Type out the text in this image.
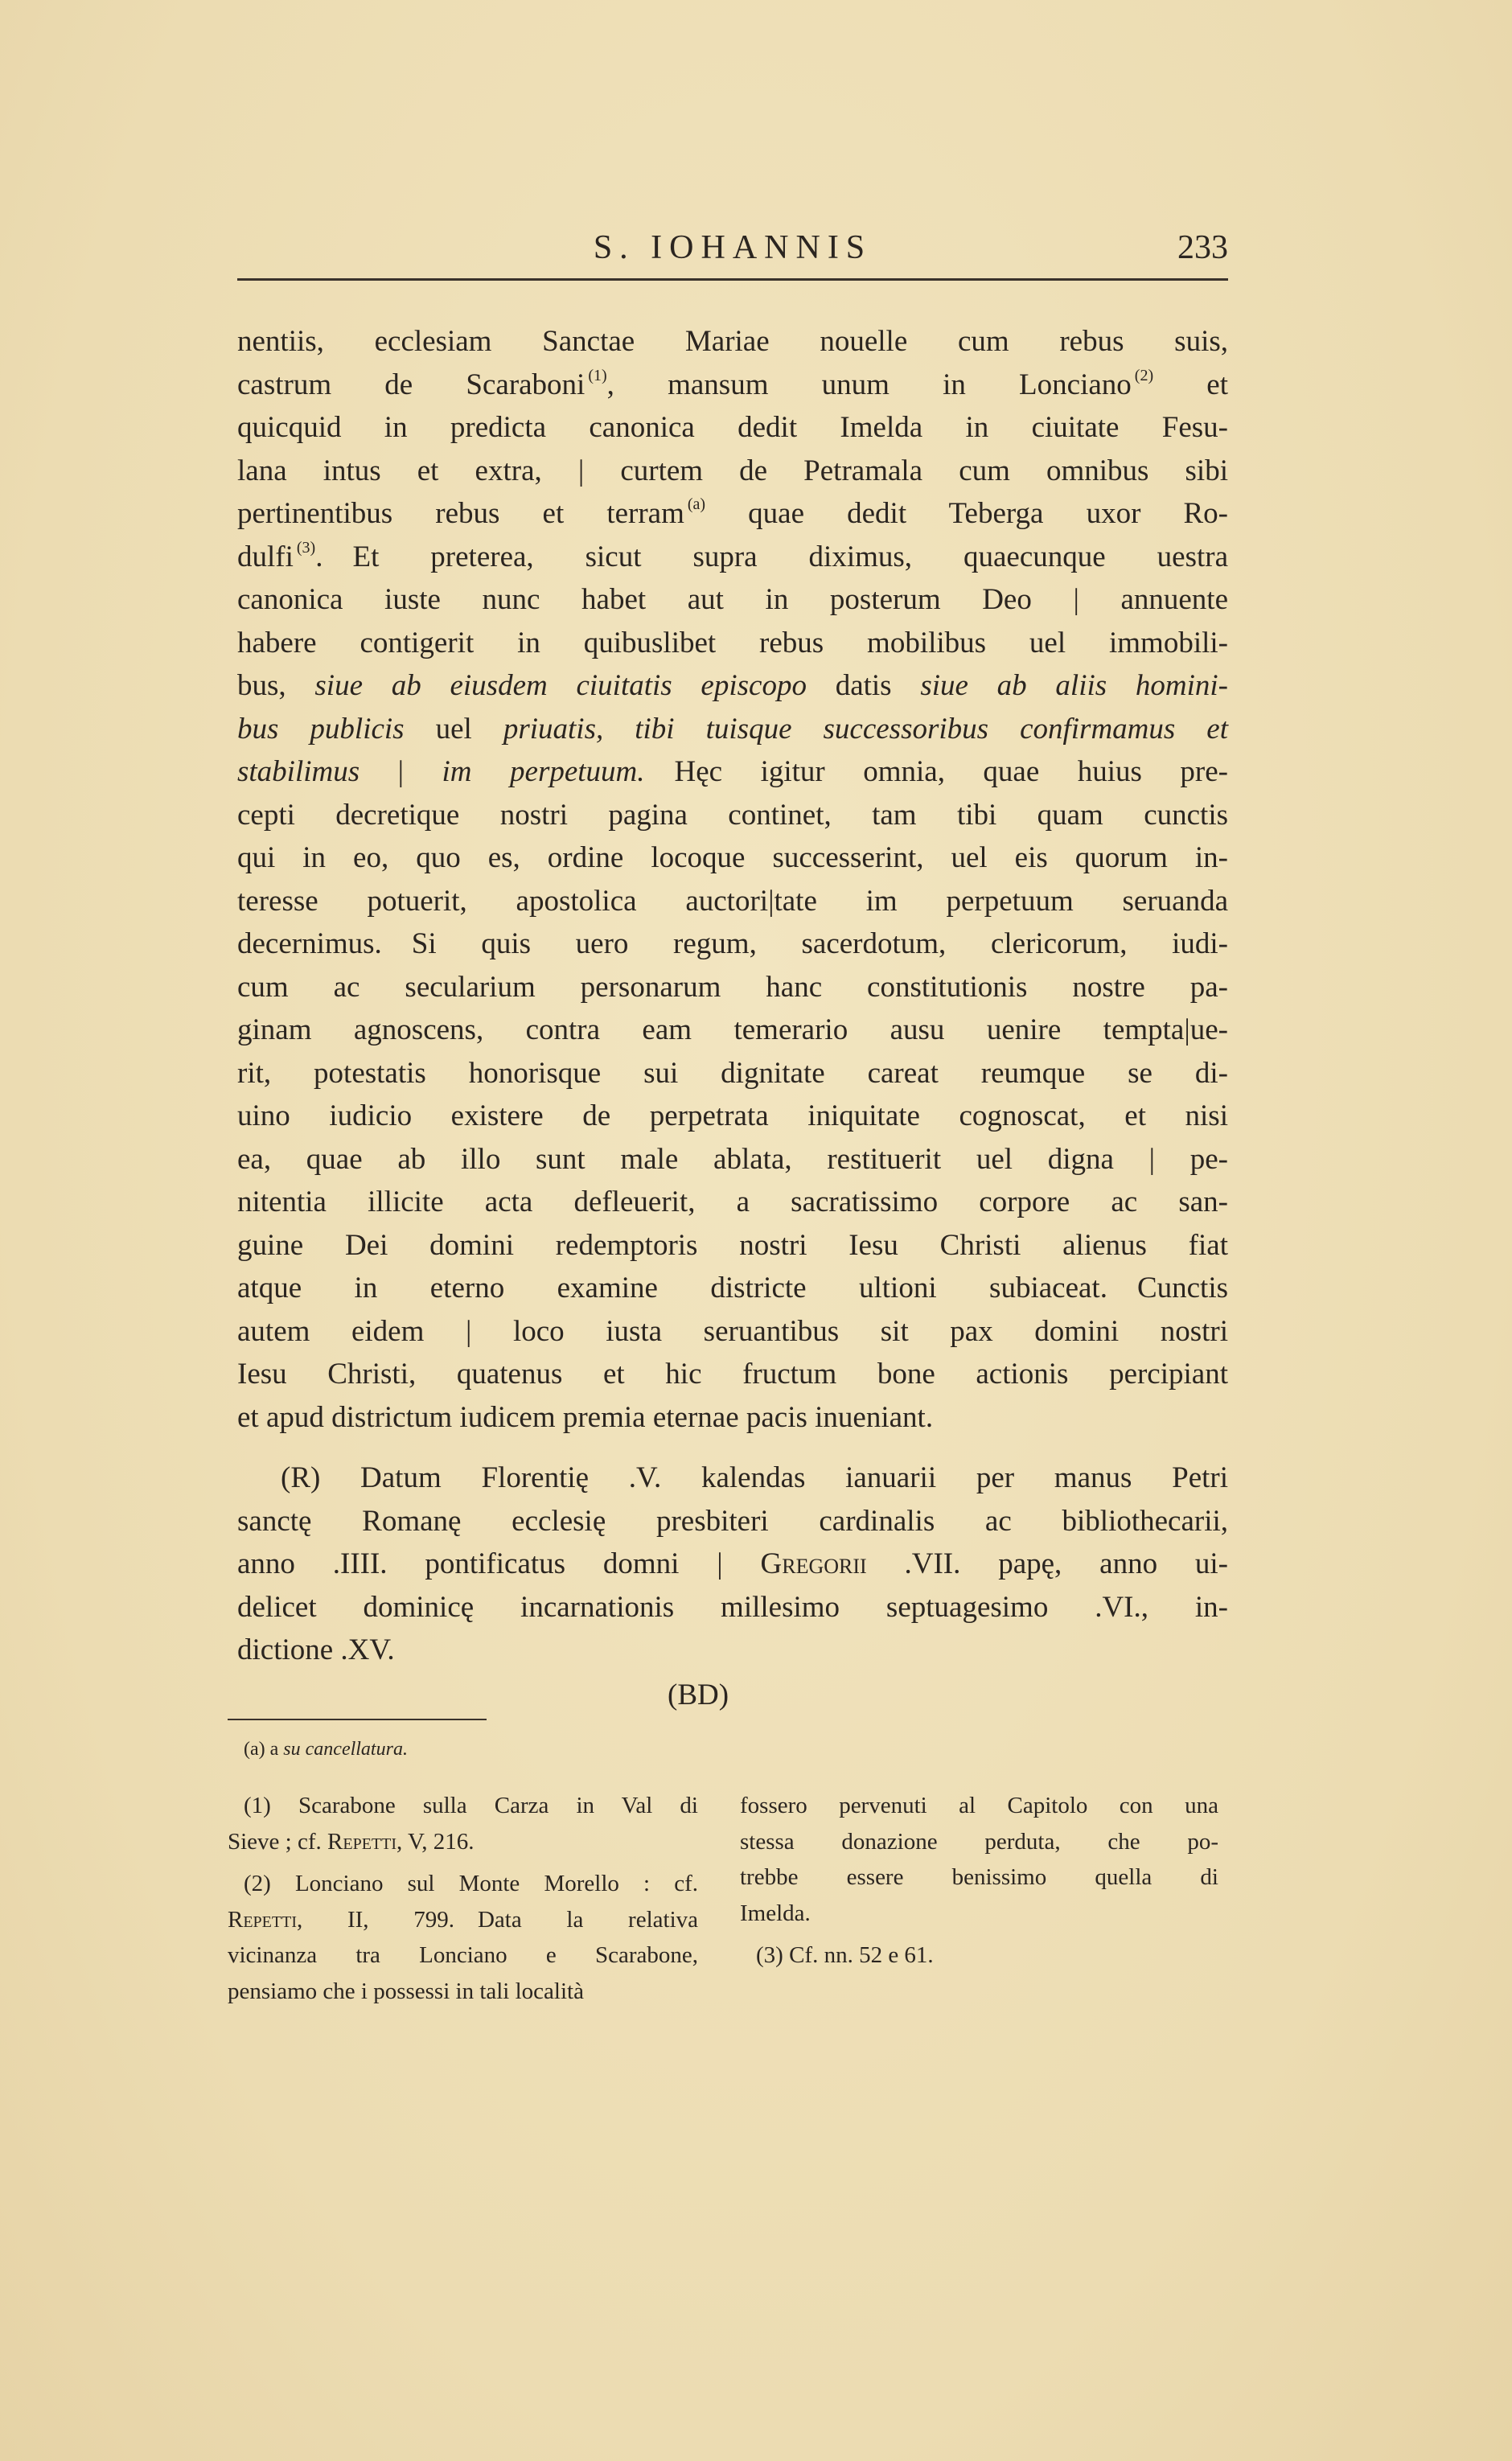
S. IOHANNIS	233
nentiis, ecclesiam Sanctae Mariae nouelle cum rebus suis,
castrum de Scaraboni $^{(1)}$, mansum unum in Lonciano $^{(2)}$ et
quicquid in predicta canonica dedit Imelda in ciuitate Fesu-
lana intus et extra, | curtem de Petramala cum omnibus sibi
pertinentibus rebus et terram $^{(a)}$ quae dedit Teberga uxor Ro-
dulfi $^{(3)}$. Et preterea, sicut supra diximus, quaecunque uestra
canonica iuste nunc habet aut in posterum Deo | annuente
habere contigerit in quibuslibet rebus mobilibus uel immobili-
bus, siue ab eiusdem ciuitatis episcopo datis siue ab aliis homini-
bus publicis uel priuatis, tibi tuisque successoribus confirmamus et
stabilimus | im perpetuum. Hęc igitur omnia, quae huius pre-
cepti decretique nostri pagina continet, tam tibi quam cunctis
qui in eo, quo es, ordine locoque successerint, uel eis quorum in-
teresse potuerit, apostolica auctori|tate im perpetuum seruanda
decernimus. Si quis uero regum, sacerdotum, clericorum, iudi-
cum ac secularium personarum hanc constitutionis nostre pa-
ginam agnoscens, contra eam temerario ausu uenire tempta|ue-
rit, potestatis honorisque sui dignitate careat reumque se di-
uino iudicio existere de perpetrata iniquitate cognoscat, et nisi
ea, quae ab illo sunt male ablata, restituerit uel digna | pe-
nitentia illicite acta defleuerit, a sacratissimo corpore ac san-
guine Dei domini redemptoris nostri Iesu Christi alienus fiat
atque in eterno examine districte ultioni subiaceat. Cunctis
autem eidem | loco iusta seruantibus sit pax domini nostri
Iesu Christi, quatenus et hic fructum bone actionis percipiant
et apud districtum iudicem premia eternae pacis inueniant.
(R) Datum Florentię .V. kalendas ianuarii per manus Petri
sanctę Romanę ecclesię presbiteri cardinalis ac bibliothecarii,
anno .IIII. pontificatus domni | Gregorii .VII. papę, anno ui-
delicet dominicę incarnationis millesimo septuagesimo .VI., in-
dictione .XV.
(BD)
(a) a su cancellatura.
(1) Scarabone sulla Carza in Val di
Sieve ; cf. Repetti, V, 216.
(2) Lonciano sul Monte Morello : cf.
Repetti, II, 799. Data la relativa
vicinanza tra Lonciano e Scarabone,
pensiamo che i possessi in tali località
fossero pervenuti al Capitolo con una
stessa donazione perduta, che po-
trebbe essere benissimo quella di
Imelda.
(3) Cf. nn. 52 e 61.
